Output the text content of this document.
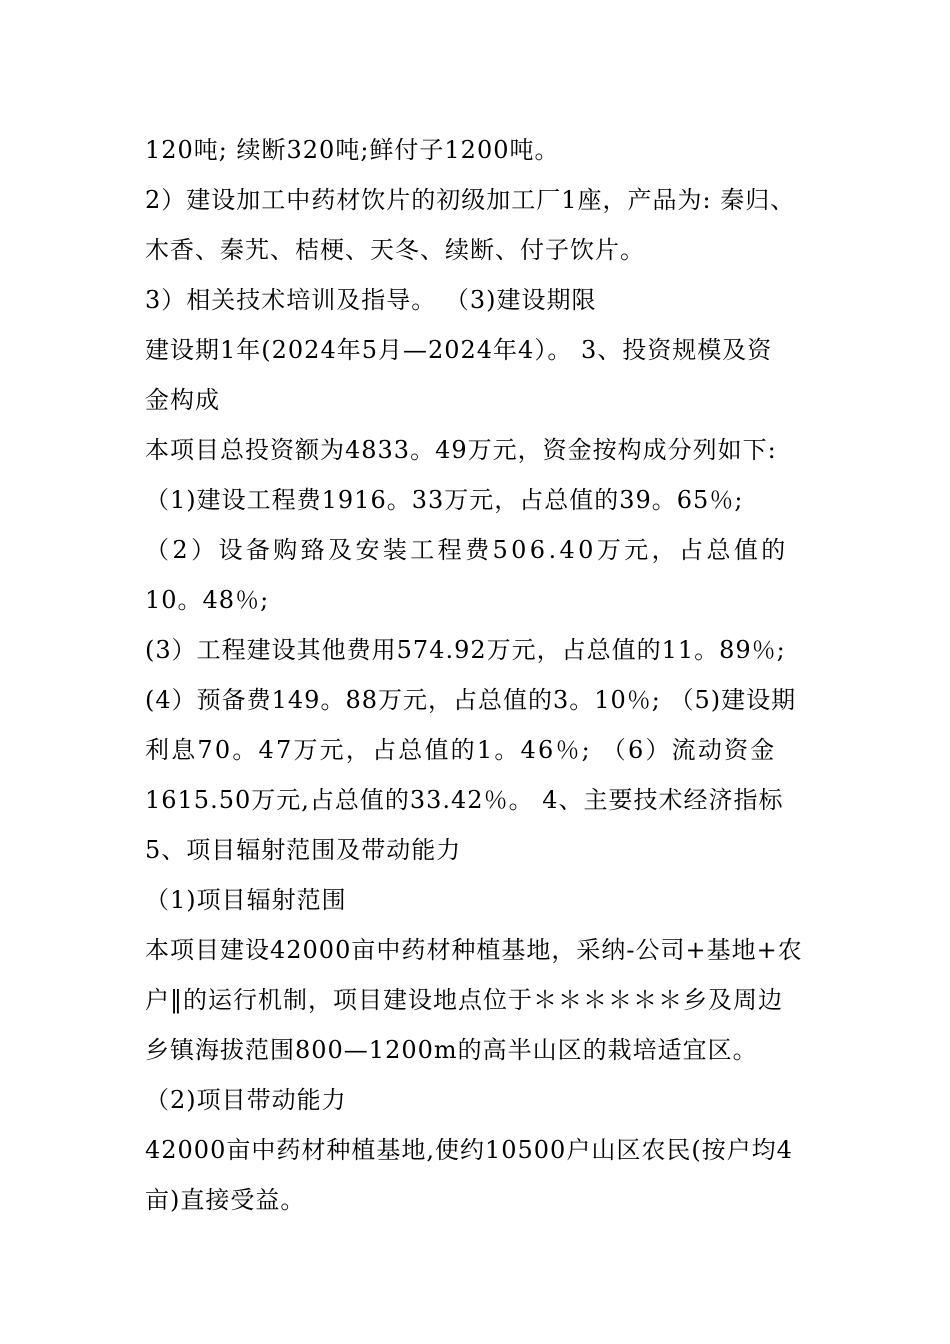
120吨; 续断320吨;鲜付子1200吨。
2）建设加工中药材饮片的初级加工厂1座，产品为: 秦归、
木香、秦艽、桔梗、天冬、续断、付子饮片。
3）相关技术培训及指导。 （3)建设期限
建设期1年(2024年5月—2024年4）。 3、投资规模及资
金构成
本项目总投资额为4833。49万元，资金按构成分列如下:
（1)建设工程费1916。33万元，占总值的39。65％;
（2）设备购臵及安装工程费506.40万元，占总值的
10。48％;
(3）工程建设其他费用574.92万元，占总值的11。89％;
(4）预备费149。88万元，占总值的3。10％; （5)建设期
利息70。47万元，占总值的1。46％; （6）流动资金
1615.50万元,占总值的33.42％。 4、主要技术经济指标
5、项目辐射范围及带动能力
（1)项目辐射范围
本项目建设42000亩中药材种植基地，采纳-公司+基地+农
户‖的运行机制，项目建设地点位于＊＊＊＊＊＊乡及周边
乡镇海拔范围800—1200m的高半山区的栽培适宜区。
（2)项目带动能力
42000亩中药材种植基地,使约10500户山区农民(按户均4
亩)直接受益。
